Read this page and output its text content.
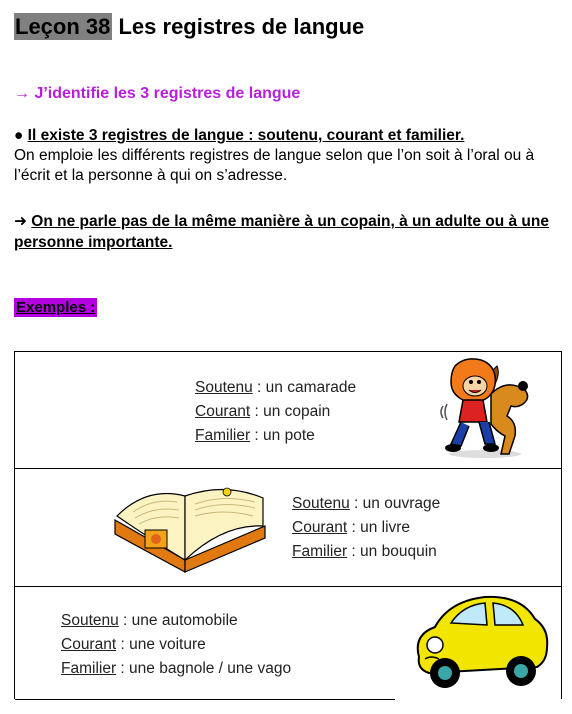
Leçon 38 Les registres de langue
→ J’identifie les 3 registres de langue
● Il existe 3 registres de langue : soutenu, courant et familier.
On emploie les différents registres de langue selon que l’on soit à l’oral ou à l’écrit et la personne à qui on s’adresse.
➜ On ne parle pas de la même manière à un copain, à un adulte ou à une personne importante.
Exemples :
Soutenu : un camarade
Courant : un copain
Familier : un pote
Soutenu : un ouvrage
Courant : un livre
Familier : un bouquin
Soutenu : une automobile
Courant : une voiture
Familier : une bagnole / une vago
